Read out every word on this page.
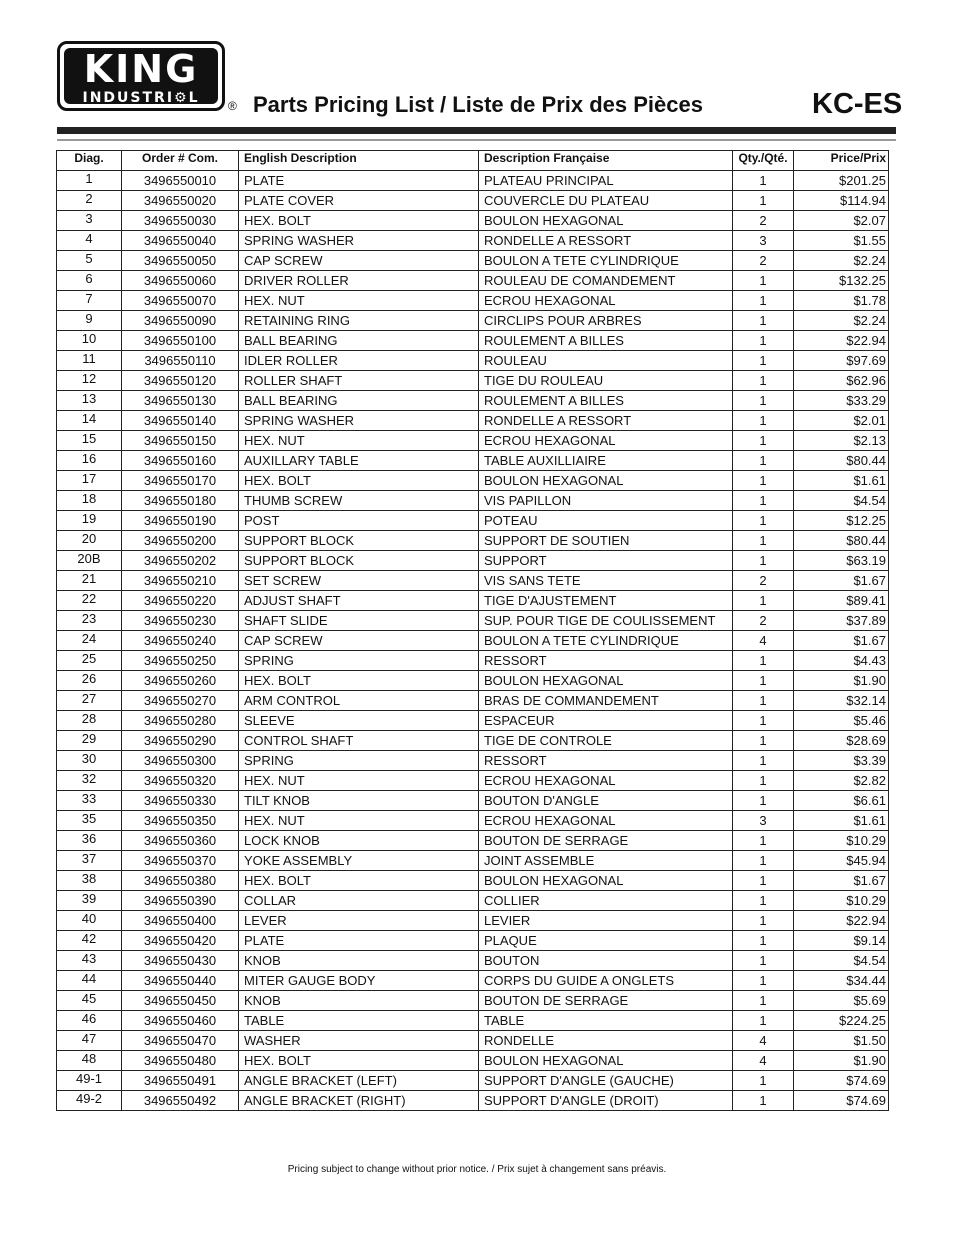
KING
INDUSTRI⚙L	® Parts Pricing List / Liste de Prix des Pièces	KC-ES
Diag.	Order # Com.	English Description	Description Française	Qty./Qté.	Price/Prix
1	3496550010	PLATE	PLATEAU PRINCIPAL	1	$201.25
2	3496550020	PLATE COVER	COUVERCLE DU PLATEAU	1	$114.94
3	3496550030	HEX. BOLT	BOULON HEXAGONAL	2	$2.07
4	3496550040	SPRING WASHER	RONDELLE A RESSORT	3	$1.55
5	3496550050	CAP SCREW	BOULON A TETE CYLINDRIQUE	2	$2.24
6	3496550060	DRIVER ROLLER	ROULEAU DE COMANDEMENT	1	$132.25
7	3496550070	HEX. NUT	ECROU HEXAGONAL	1	$1.78
9	3496550090	RETAINING RING	CIRCLIPS POUR ARBRES	1	$2.24
10	3496550100	BALL BEARING	ROULEMENT A BILLES	1	$22.94
11	3496550110	IDLER ROLLER	ROULEAU	1	$97.69
12	3496550120	ROLLER SHAFT	TIGE DU ROULEAU	1	$62.96
13	3496550130	BALL BEARING	ROULEMENT A BILLES	1	$33.29
14	3496550140	SPRING WASHER	RONDELLE A RESSORT	1	$2.01
15	3496550150	HEX. NUT	ECROU HEXAGONAL	1	$2.13
16	3496550160	AUXILLARY TABLE	TABLE AUXILLIAIRE	1	$80.44
17	3496550170	HEX. BOLT	BOULON HEXAGONAL	1	$1.61
18	3496550180	THUMB SCREW	VIS PAPILLON	1	$4.54
19	3496550190	POST	POTEAU	1	$12.25
20	3496550200	SUPPORT BLOCK	SUPPORT DE SOUTIEN	1	$80.44
20B	3496550202	SUPPORT BLOCK	SUPPORT	1	$63.19
21	3496550210	SET SCREW	VIS SANS TETE	2	$1.67
22	3496550220	ADJUST SHAFT	TIGE D'AJUSTEMENT	1	$89.41
23	3496550230	SHAFT SLIDE	SUP. POUR TIGE DE COULISSEMENT	2	$37.89
24	3496550240	CAP SCREW	BOULON A TETE CYLINDRIQUE	4	$1.67
25	3496550250	SPRING	RESSORT	1	$4.43
26	3496550260	HEX. BOLT	BOULON HEXAGONAL	1	$1.90
27	3496550270	ARM CONTROL	BRAS DE COMMANDEMENT	1	$32.14
28	3496550280	SLEEVE	ESPACEUR	1	$5.46
29	3496550290	CONTROL SHAFT	TIGE DE CONTROLE	1	$28.69
30	3496550300	SPRING	RESSORT	1	$3.39
32	3496550320	HEX. NUT	ECROU HEXAGONAL	1	$2.82
33	3496550330	TILT KNOB	BOUTON D'ANGLE	1	$6.61
35	3496550350	HEX. NUT	ECROU HEXAGONAL	3	$1.61
36	3496550360	LOCK KNOB	BOUTON DE SERRAGE	1	$10.29
37	3496550370	YOKE ASSEMBLY	JOINT ASSEMBLE	1	$45.94
38	3496550380	HEX. BOLT	BOULON HEXAGONAL	1	$1.67
39	3496550390	COLLAR	COLLIER	1	$10.29
40	3496550400	LEVER	LEVIER	1	$22.94
42	3496550420	PLATE	PLAQUE	1	$9.14
43	3496550430	KNOB	BOUTON	1	$4.54
44	3496550440	MITER GAUGE BODY	CORPS DU GUIDE A ONGLETS	1	$34.44
45	3496550450	KNOB	BOUTON DE SERRAGE	1	$5.69
46	3496550460	TABLE	TABLE	1	$224.25
47	3496550470	WASHER	RONDELLE	4	$1.50
48	3496550480	HEX. BOLT	BOULON HEXAGONAL	4	$1.90
49-1	3496550491	ANGLE BRACKET (LEFT)	SUPPORT D'ANGLE (GAUCHE)	1	$74.69
49-2	3496550492	ANGLE BRACKET (RIGHT)	SUPPORT D'ANGLE (DROIT)	1	$74.69
Pricing subject to change without prior notice. / Prix sujet à changement sans préavis.
